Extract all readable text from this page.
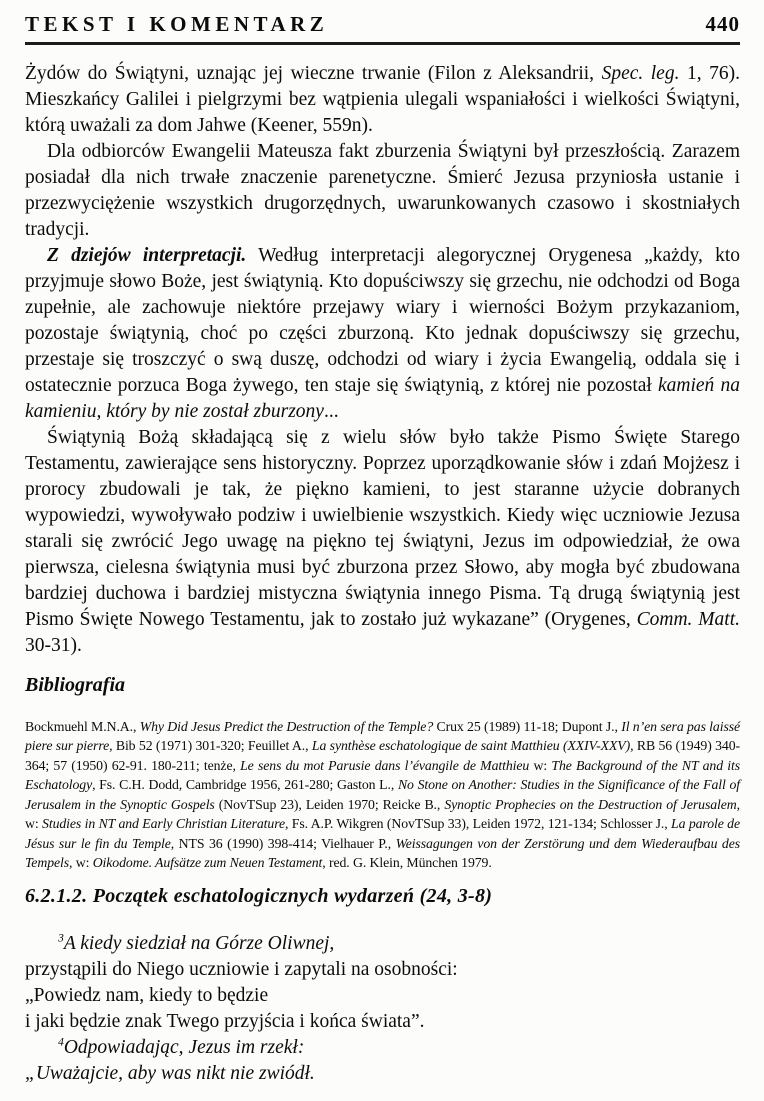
TEKST I KOMENTARZ	440

Żydów do Świątyni, uznając jej wieczne trwanie (Filon z Aleksandrii, Spec. leg. 1, 76). Mieszkańcy Galilei i pielgrzymi bez wątpienia ulegali wspaniałości i wielkości Świątyni, którą uważali za dom Jahwe (Keener, 559n).

Dla odbiorców Ewangelii Mateusza fakt zburzenia Świątyni był przeszłością. Zarazem posiadał dla nich trwałe znaczenie parenetyczne. Śmierć Jezusa przyniosła ustanie i przezwyciężenie wszystkich drugorzędnych, uwarunkowanych czasowo i skostniałych tradycji.

Z dziejów interpretacji. Według interpretacji alegorycznej Orygenesa „każdy, kto przyjmuje słowo Boże, jest świątynią. Kto dopuściwszy się grzechu, nie odchodzi od Boga zupełnie, ale zachowuje niektóre przejawy wiary i wierności Bożym przykazaniom, pozostaje świątynią, choć po części zburzoną. Kto jednak dopuściwszy się grzechu, przestaje się troszczyć o swą duszę, odchodzi od wiary i życia Ewangelią, oddala się i ostatecznie porzuca Boga żywego, ten staje się świątynią, z której nie pozostał kamień na kamieniu, który by nie został zburzony...

Świątynią Bożą składającą się z wielu słów było także Pismo Święte Starego Testamentu, zawierające sens historyczny. Poprzez uporządkowanie słów i zdań Mojżesz i prorocy zbudowali je tak, że piękno kamieni, to jest staranne użycie dobranych wypowiedzi, wywoływało podziw i uwielbienie wszystkich. Kiedy więc uczniowie Jezusa starali się zwrócić Jego uwagę na piękno tej świątyni, Jezus im odpowiedział, że owa pierwsza, cielesna świątynia musi być zburzona przez Słowo, aby mogła być zbudowana bardziej duchowa i bardziej mistyczna świątynia innego Pisma. Tą drugą świątynią jest Pismo Święte Nowego Testamentu, jak to zostało już wykazane” (Orygenes, Comm. Matt. 30-31).

Bibliografia

Bockmuehl M.N.A., Why Did Jesus Predict the Destruction of the Temple? Crux 25 (1989) 11-18; Dupont J., Il n’en sera pas laissé piere sur pierre, Bib 52 (1971) 301-320; Feuillet A., La synthèse eschatologique de saint Matthieu (XXIV-XXV), RB 56 (1949) 340-364; 57 (1950) 62-91. 180-211; tenże, Le sens du mot Parusie dans l’évangile de Matthieu w: The Background of the NT and its Eschatology, Fs. C.H. Dodd, Cambridge 1956, 261-280; Gaston L., No Stone on Another: Studies in the Significance of the Fall of Jerusalem in the Synoptic Gospels (NovTSup 23), Leiden 1970; Reicke B., Synoptic Prophecies on the Destruction of Jerusalem, w: Studies in NT and Early Christian Literature, Fs. A.P. Wikgren (NovTSup 33), Leiden 1972, 121-134; Schlosser J., La parole de Jésus sur le fin du Temple, NTS 36 (1990) 398-414; Vielhauer P., Weissagungen von der Zerstörung und dem Wiederaufbau des Tempels, w: Oikodome. Aufsätze zum Neuen Testament, red. G. Klein, München 1979.

6.2.1.2. Początek eschatologicznych wydarzeń (24, 3-8)

$^3$A kiedy siedział na Górze Oliwnej,

przystąpili do Niego uczniowie i zapytali na osobności:

„Powiedz nam, kiedy to będzie

i jaki będzie znak Twego przyjścia i końca świata”.

$^4$Odpowiadając, Jezus im rzekł:

„Uważajcie, aby was nikt nie zwiódł.
